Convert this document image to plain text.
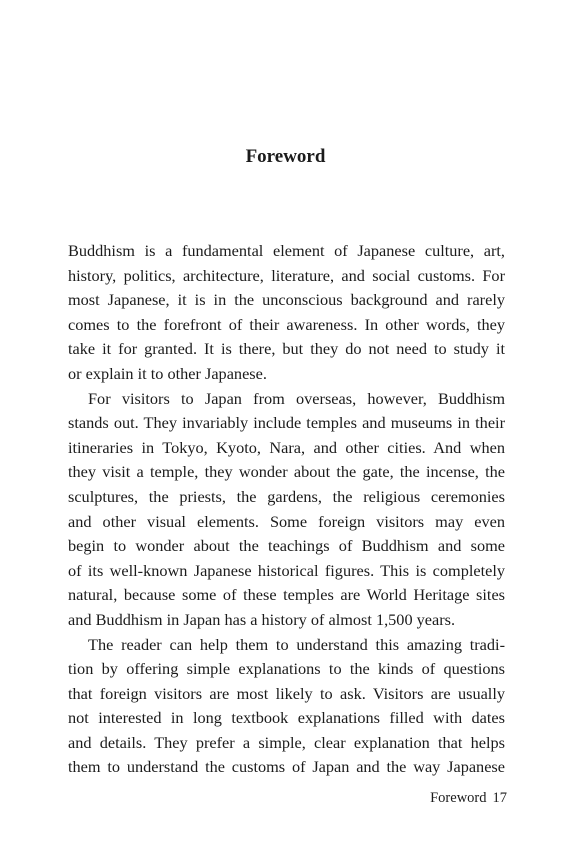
Foreword
Buddhism is a fundamental element of Japanese culture, art,
history, politics, architecture, literature, and social customs. For
most Japanese, it is in the unconscious background and rarely
comes to the forefront of their awareness. In other words, they
take it for granted. It is there, but they do not need to study it
or explain it to other Japanese.
For visitors to Japan from overseas, however, Buddhism
stands out. They invariably include temples and museums in their
itineraries in Tokyo, Kyoto, Nara, and other cities. And when
they visit a temple, they wonder about the gate, the incense, the
sculptures, the priests, the gardens, the religious ceremonies
and other visual elements. Some foreign visitors may even
begin to wonder about the teachings of Buddhism and some
of its well-known Japanese historical figures. This is completely
natural, because some of these temples are World Heritage sites
and Buddhism in Japan has a history of almost 1,500 years.
The reader can help them to understand this amazing tradi-
tion by offering simple explanations to the kinds of questions
that foreign visitors are most likely to ask. Visitors are usually
not interested in long textbook explanations filled with dates
and details. They prefer a simple, clear explanation that helps
them to understand the customs of Japan and the way Japanese
Foreword 17
